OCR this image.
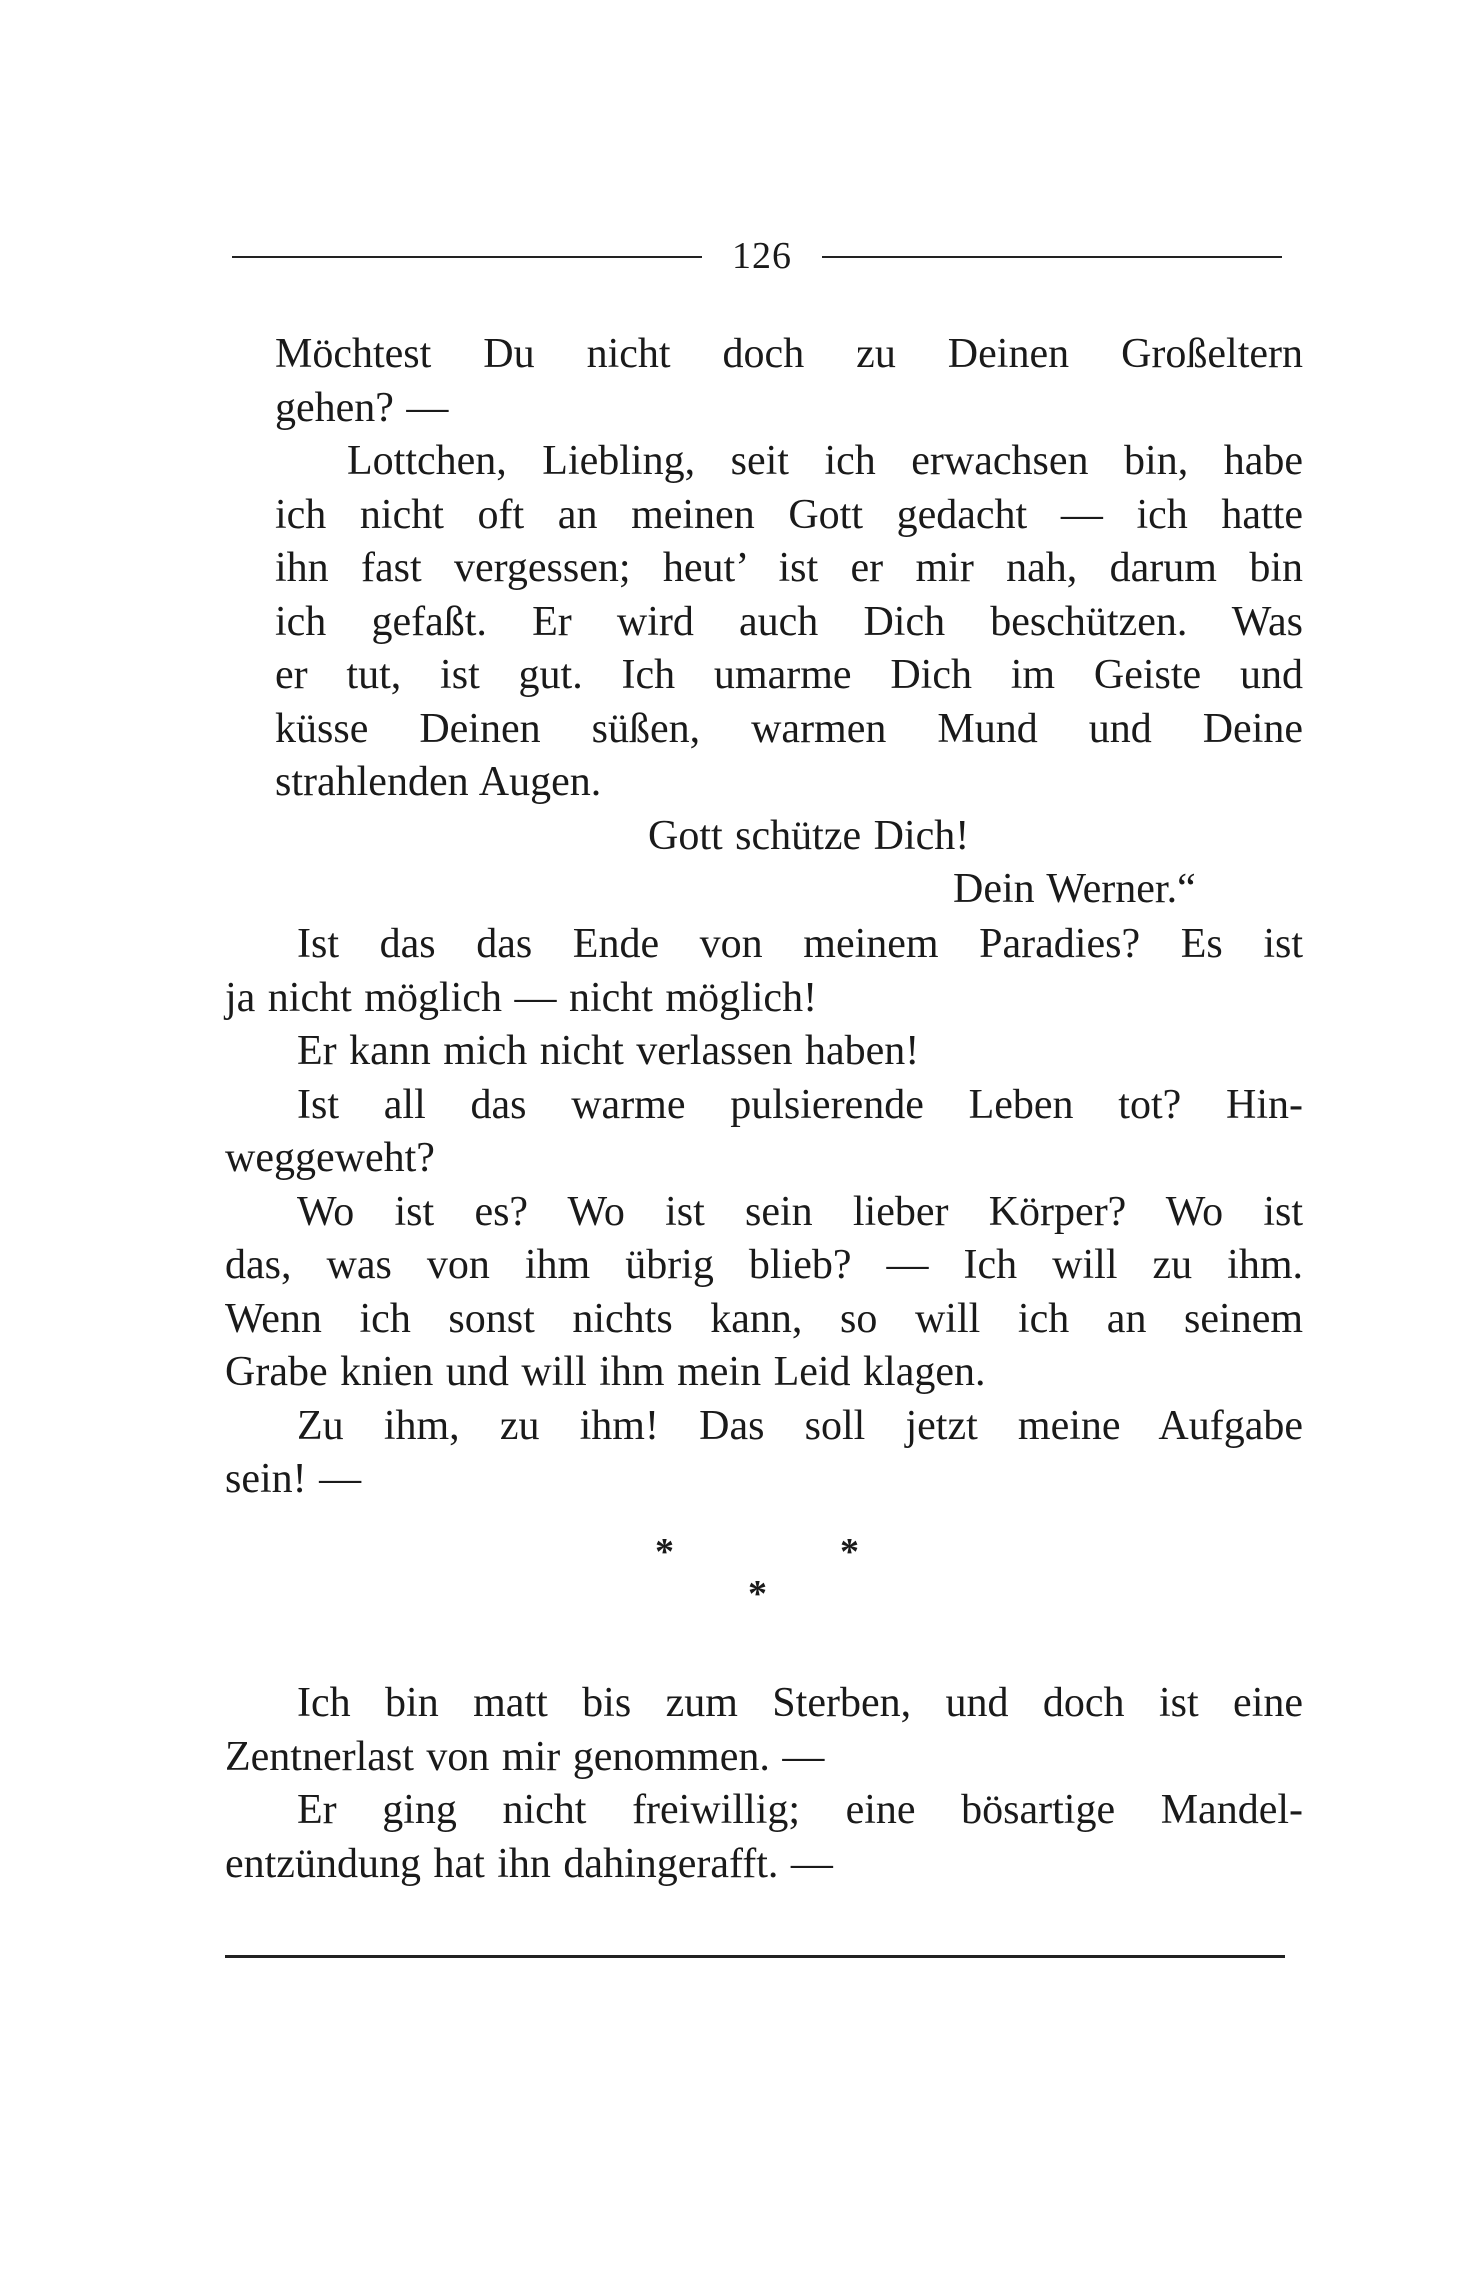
126
Möchtest Du nicht doch zu Deinen Großeltern
gehen? —
Lottchen, Liebling, seit ich erwachsen bin, habe
ich nicht oft an meinen Gott gedacht — ich hatte
ihn fast vergessen; heut’ ist er mir nah, darum bin
ich gefaßt. Er wird auch Dich beschützen. Was
er tut, ist gut. Ich umarme Dich im Geiste und
küsse Deinen süßen, warmen Mund und Deine
strahlenden Augen.
Gott schütze Dich!
Dein Werner.“
Ist das das Ende von meinem Paradies? Es ist
ja nicht möglich — nicht möglich!
Er kann mich nicht verlassen haben!
Ist all das warme pulsierende Leben tot? Hin-
weggeweht?
Wo ist es? Wo ist sein lieber Körper? Wo ist
das, was von ihm übrig blieb? — Ich will zu ihm.
Wenn ich sonst nichts kann, so will ich an seinem
Grabe knien und will ihm mein Leid klagen.
Zu ihm, zu ihm! Das soll jetzt meine Aufgabe
sein! —
*	*
*
Ich bin matt bis zum Sterben, und doch ist eine
Zentnerlast von mir genommen. —
Er ging nicht freiwillig; eine bösartige Mandel-
entzündung hat ihn dahingerafft. —
